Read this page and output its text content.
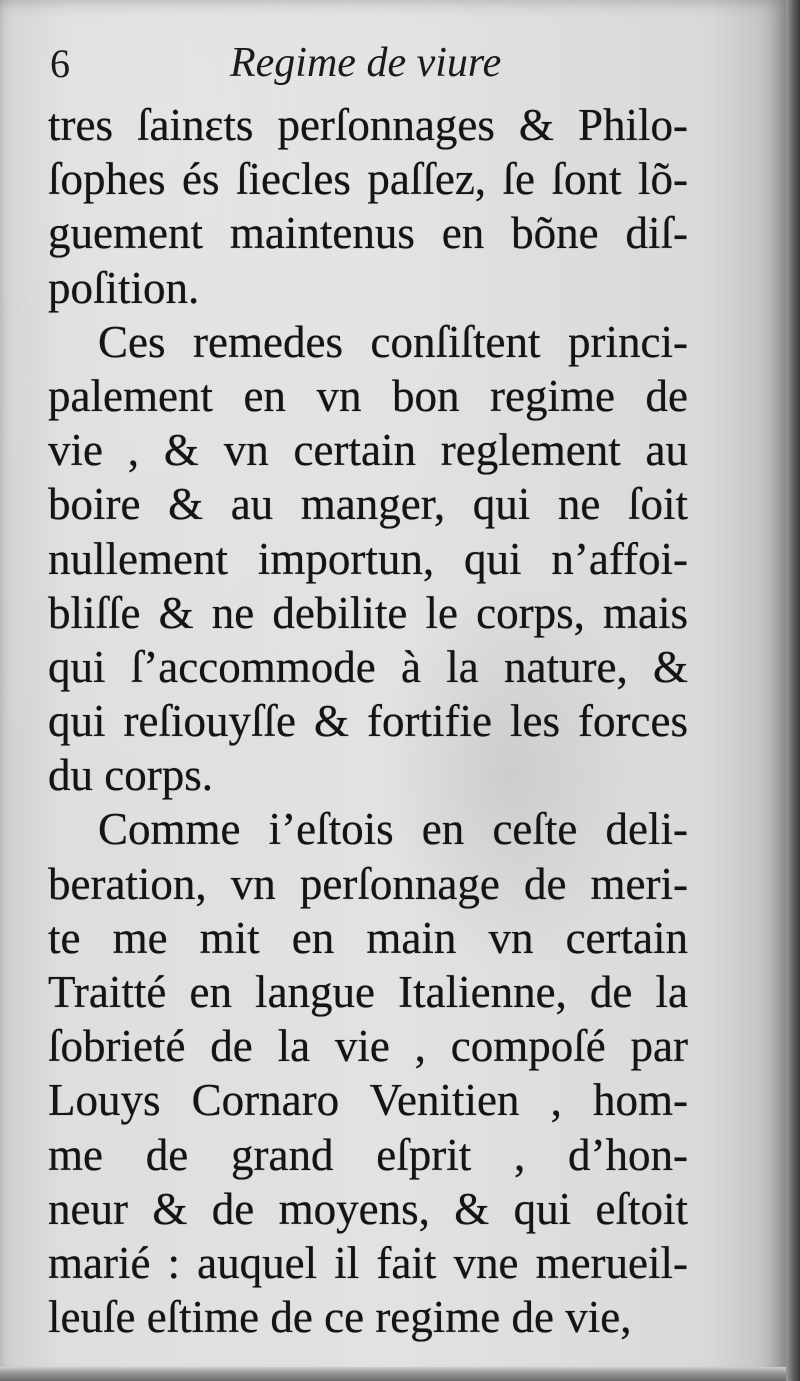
6	Regime de viure
tres ſainɛts perſonnages & Philo-
ſophes és ſiecles paſſez, ſe ſont lõ-
guement maintenus en bõne diſ-
poſition.
Ces remedes conſiſtent princi-
palement en vn bon regime de
vie , & vn certain reglement au
boire & au manger, qui ne ſoit
nullement importun, qui n’affoi-
bliſſe & ne debilite le corps, mais
qui ſ’accommode à la nature, &
qui reſiouyſſe & fortifie les forces
du corps.
Comme i’eſtois en ceſte deli-
beration, vn perſonnage de meri-
te me mit en main vn certain
Traitté en langue Italienne, de la
ſobrieté de la vie , compoſé par
Louys Cornaro Venitien , hom-
me de grand eſprit , d’hon-
neur & de moyens, & qui eſtoit
marié : auquel il fait vne merueil-
leuſe eſtime de ce regime de vie,
